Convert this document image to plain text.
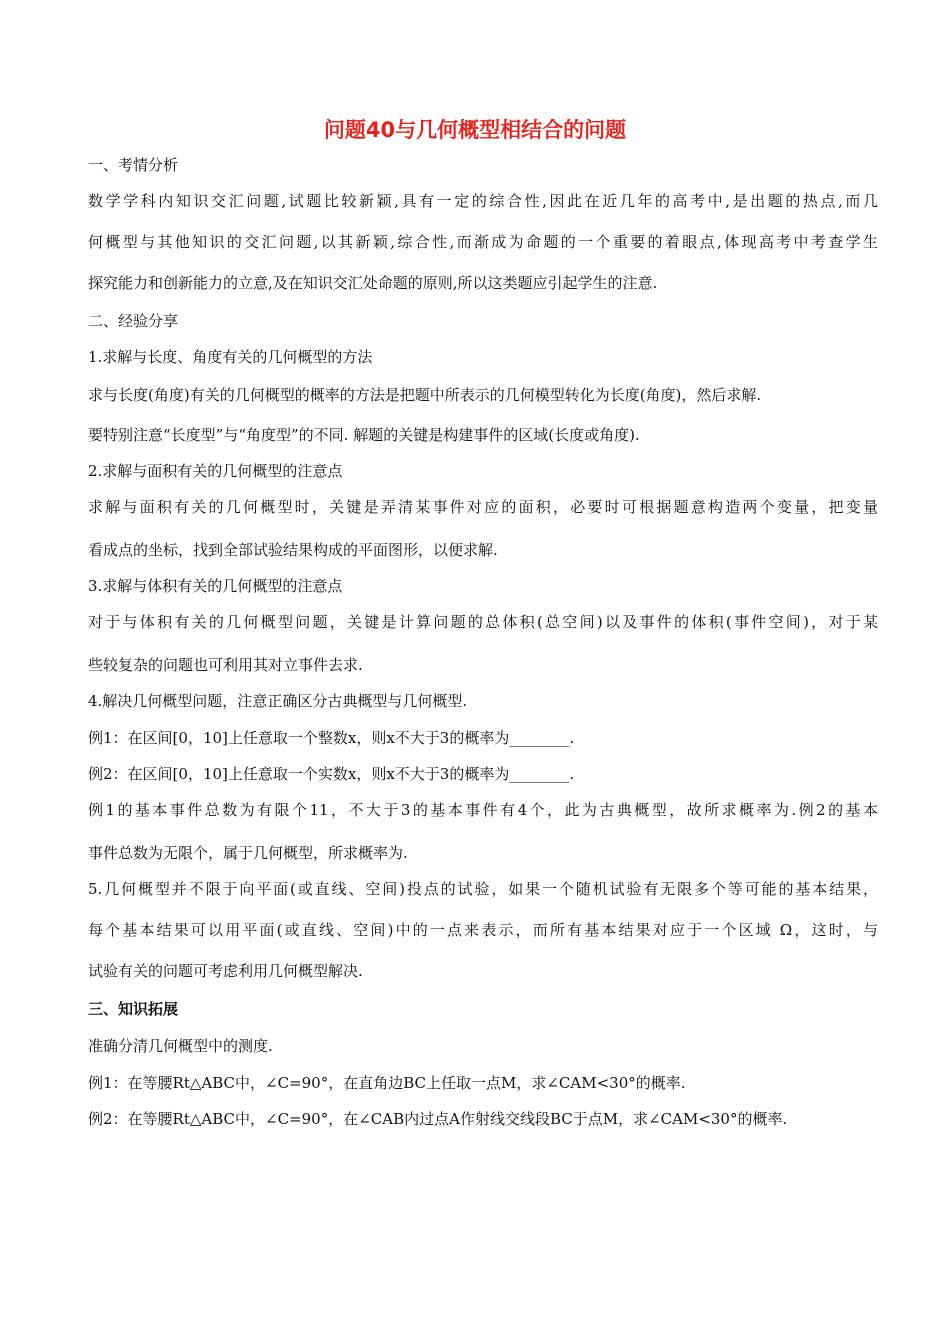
问题40与几何概型相结合的问题
一、考情分析
数学学科内知识交汇问题,试题比较新颖,具有一定的综合性,因此在近几年的高考中,是出题的热点,而几
何概型与其他知识的交汇问题,以其新颖,综合性,而渐成为命题的一个重要的着眼点,体现高考中考查学生
探究能力和创新能力的立意,及在知识交汇处命题的原则,所以这类题应引起学生的注意.
二、经验分享
1.求解与长度、角度有关的几何概型的方法
求与长度(角度)有关的几何概型的概率的方法是把题中所表示的几何模型转化为长度(角度)，然后求解.
要特别注意“长度型”与“角度型”的不同. 解题的关键是构建事件的区域(长度或角度).
2.求解与面积有关的几何概型的注意点
求解与面积有关的几何概型时，关键是弄清某事件对应的面积，必要时可根据题意构造两个变量，把变量
看成点的坐标，找到全部试验结果构成的平面图形，以便求解.
3.求解与体积有关的几何概型的注意点
对于与体积有关的几何概型问题，关键是计算问题的总体积(总空间)以及事件的体积(事件空间)，对于某
些较复杂的问题也可利用其对立事件去求.
4.解决几何概型问题，注意正确区分古典概型与几何概型.
例1：在区间[0，10]上任意取一个整数x，则x不大于3的概率为________.
例2：在区间[0，10]上任意取一个实数x，则x不大于3的概率为________.
例1的基本事件总数为有限个11，不大于3的基本事件有4个，此为古典概型，故所求概率为.例2的基本
事件总数为无限个，属于几何概型，所求概率为.
5.几何概型并不限于向平面(或直线、空间)投点的试验，如果一个随机试验有无限多个等可能的基本结果，
每个基本结果可以用平面(或直线、空间)中的一点来表示，而所有基本结果对应于一个区域 Ω，这时，与
试验有关的问题可考虑利用几何概型解决.
三、知识拓展
准确分清几何概型中的测度.
例1：在等腰Rt△ABC中，∠C=90°，在直角边BC上任取一点M，求∠CAM<30°的概率.
例2：在等腰Rt△ABC中，∠C=90°，在∠CAB内过点A作射线交线段BC于点M，求∠CAM<30°的概率.
